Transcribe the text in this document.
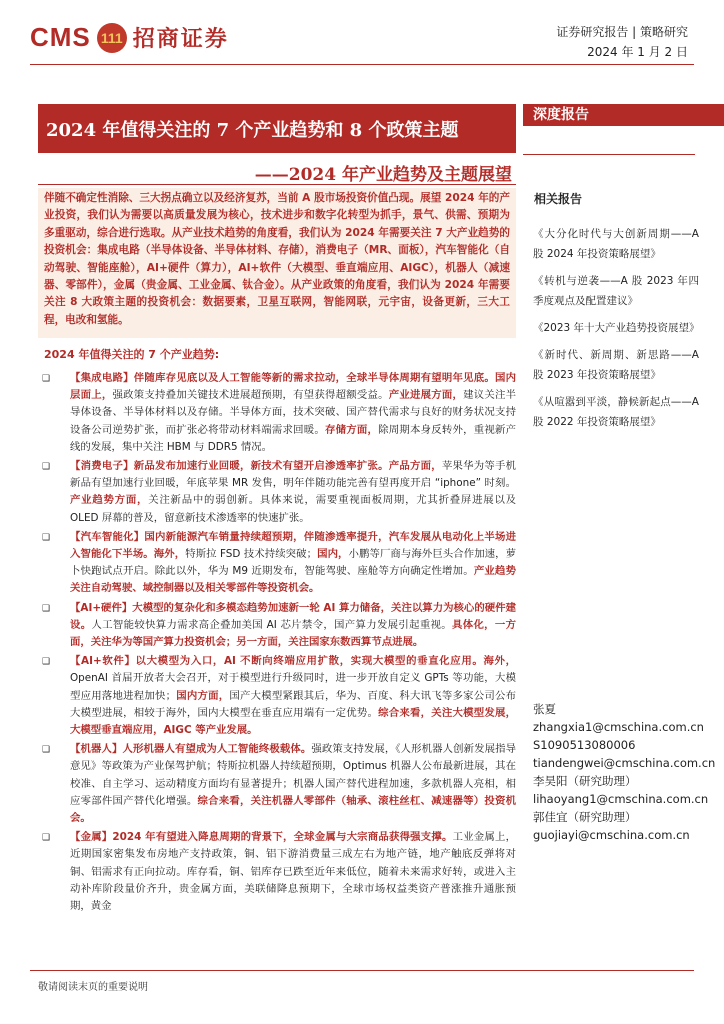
CMS 111 招商证券	证券研究报告 | 策略研究
2024 年 1 月 2 日
2024 年值得关注的 7 个产业趋势和 8 个政策主题
——2024 年产业趋势及主题展望
深度报告

伴随不确定性消除、三大拐点确立以及经济复苏，当前 A 股市场投资价值凸现。展望 2024 年的产业投资，我们认为需要以高质量发展为核心，技术进步和数字化转型为抓手，景气、供需、预期为多重驱动，综合进行选取。从产业技术趋势的角度看，我们认为 2024 年需要关注 7 大产业趋势的投资机会：集成电路（半导体设备、半导体材料、存储），消费电子（MR、面板），汽车智能化（自动驾驶、智能座舱），AI+硬件（算力），AI+软件（大模型、垂直端应用、AIGC），机器人（减速器、零部件），金属（贵金属、工业金属、钛合金）。从产业政策的角度看，我们认为 2024 年需要关注 8 大政策主题的投资机会：数据要素，卫星互联网，智能网联，元宇宙，设备更新，三大工程，电改和氢能。

2024 年值得关注的 7 个产业趋势:
❑ 【集成电路】伴随库存见底以及人工智能等新的需求拉动，全球半导体周期有望明年见底。国内层面上，强政策支持叠加关键技术进展超预期，有望获得超额受益。产业进展方面，建议关注半导体设备、半导体材料以及存储。半导体方面，技术突破、国产替代需求与良好的财务状况支持设备公司逆势扩张，而扩张必将带动材料端需求回暖。存储方面，除周期本身反转外，重视新产线的发展，集中关注 HBM 与 DDR5 情况。
❑ 【消费电子】新品发布加速行业回暖，新技术有望开启渗透率扩张。产品方面，苹果华为等手机新品有望加速行业回暖，年底苹果 MR 发售，明年伴随功能完善有望再度开启 “iphone” 时刻。产业趋势方面，关注新品中的弱创新。具体来说，需要重视面板周期，尤其折叠屏进展以及 OLED 屏幕的普及，留意新技术渗透率的快速扩张。
❑ 【汽车智能化】国内新能源汽车销量持续超预期，伴随渗透率提升，汽车发展从电动化上半场进入智能化下半场。海外，特斯拉 FSD 技术持续突破；国内，小鹏等厂商与海外巨头合作加速，萝卜快跑试点开启。除此以外，华为 M9 近期发布，智能驾驶、座舱等方向确定性增加。产业趋势关注自动驾驶、域控制器以及相关零部件等投资机会。
❑ 【AI+硬件】大模型的复杂化和多模态趋势加速新一轮 AI 算力储备，关注以算力为核心的硬件建设。人工智能较快算力需求高企叠加美国 AI 芯片禁令，国产算力发展引起重视。具体化，一方面，关注华为等国产算力投资机会；另一方面，关注国家东数西算节点进展。
❑ 【AI+软件】以大模型为入口，AI 不断向终端应用扩散，实现大模型的垂直化应用。海外，OpenAI 首届开放者大会召开，对于模型进行升级同时，进一步开放自定义 GPTs 等功能，大模型应用落地进程加快；国内方面，国产大模型紧跟其后，华为、百度、科大讯飞等多家公司公布大模型进展，相较于海外，国内大模型在垂直应用端有一定优势。综合来看，关注大模型发展，大模型垂直端应用，AIGC 等产业发展。
❑ 【机器人】人形机器人有望成为人工智能终极载体。强政策支持发展，《人形机器人创新发展指导意见》等政策为产业保驾护航；特斯拉机器人持续超预期，Optimus 机器人公布最新进展，其在校准、自主学习、运动精度方面均有显著提升；机器人国产替代进程加速，多款机器人亮相，相应零部件国产替代化增强。综合来看，关注机器人零部件（轴承、滚柱丝杠、减速器等）投资机会。
❑ 【金属】2024 年有望进入降息周期的背景下，全球金属与大宗商品获得强支撑。工业金属上，近期国家密集发布房地产支持政策，铜、铝下游消费量三成左右为地产链，地产触底反弹将对铜、铝需求有正向拉动。库存看，铜、铝库存已跌至近年来低位，随着未来需求好转，或进入主动补库阶段量价齐升，贵金属方面，美联储降息预期下，全球市场权益类资产普涨推升通胀预期，黄金
相关报告
《大分化时代与大创新周期——A 股 2024 年投资策略展望》
《转机与逆袭——A 股 2023 年四季度观点及配置建议》
《2023 年十大产业趋势投资展望》
《新时代、新周期、新思路——A 股 2023 年投资策略展望》
《从喧嚣到平淡，静候新起点——A 股 2022 年投资策略展望》
张夏
zhangxia1@cmschina.com.cn
S1090513080006
tiandengwei@cmschina.com.cn
李昊阳（研究助理）
lihaoyang1@cmschina.com.cn
郭佳宜（研究助理）
guojiayi@cmschina.com.cn
敬请阅读末页的重要说明
